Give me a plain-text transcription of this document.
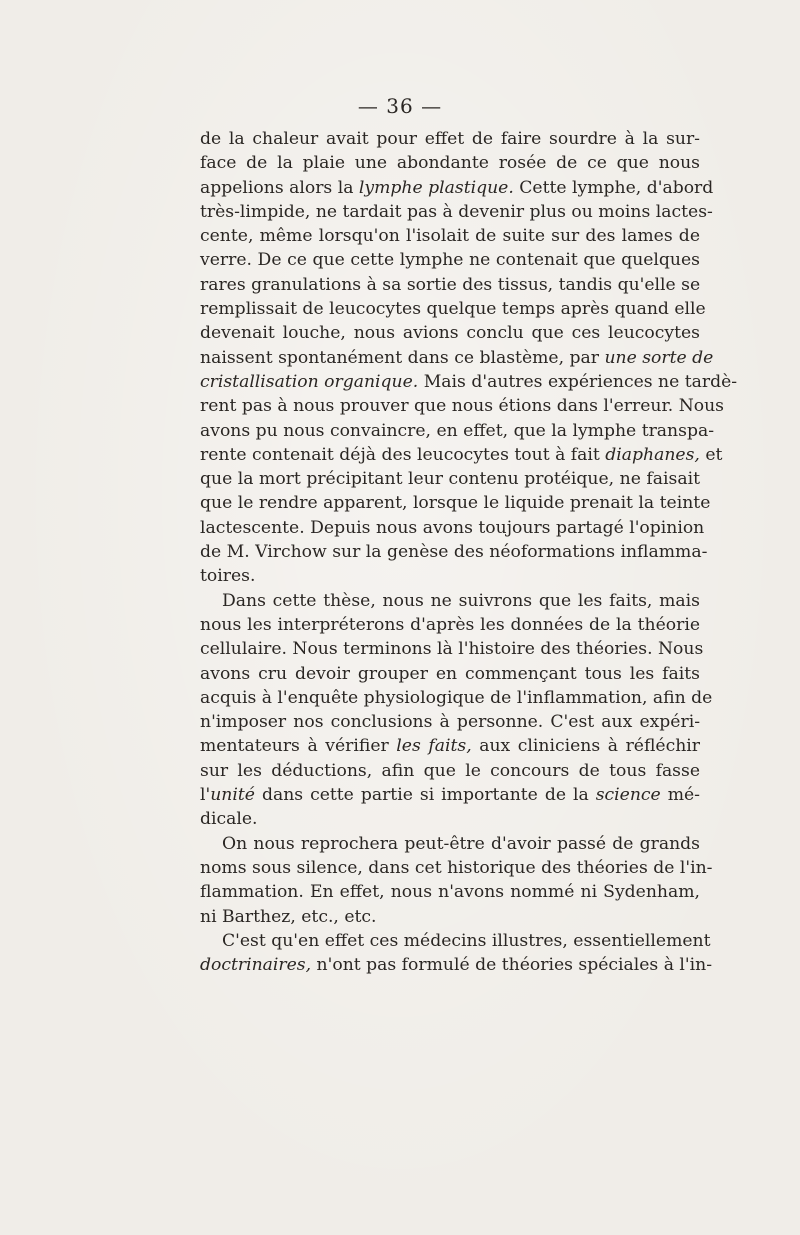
— 36 —
de la chaleur avait pour effet de faire sourdre à la sur-
face de la plaie une abondante rosée de ce que nous
appelions alors la lymphe plastique. Cette lymphe, d'abord
très-limpide, ne tardait pas à devenir plus ou moins lactes-
cente, même lorsqu'on l'isolait de suite sur des lames de
verre. De ce que cette lymphe ne contenait que quelques
rares granulations à sa sortie des tissus, tandis qu'elle se
remplissait de leucocytes quelque temps après quand elle
devenait louche, nous avions conclu que ces leucocytes
naissent spontanément dans ce blastème, par une sorte de
cristallisation organique. Mais d'autres expériences ne tardè-
rent pas à nous prouver que nous étions dans l'erreur. Nous
avons pu nous convaincre, en effet, que la lymphe transpa-
rente contenait déjà des leucocytes tout à fait diaphanes, et
que la mort précipitant leur contenu protéique, ne faisait
que le rendre apparent, lorsque le liquide prenait la teinte
lactescente. Depuis nous avons toujours partagé l'opinion
de M. Virchow sur la genèse des néoformations inflamma-
toires.
Dans cette thèse, nous ne suivrons que les faits, mais
nous les interpréterons d'après les données de la théorie
cellulaire. Nous terminons là l'histoire des théories. Nous
avons cru devoir grouper en commençant tous les faits
acquis à l'enquête physiologique de l'inflammation, afin de
n'imposer nos conclusions à personne. C'est aux expéri-
mentateurs à vérifier les faits, aux cliniciens à réfléchir
sur les déductions, afin que le concours de tous fasse
l'unité dans cette partie si importante de la science mé-
dicale.
On nous reprochera peut-être d'avoir passé de grands
noms sous silence, dans cet historique des théories de l'in-
flammation. En effet, nous n'avons nommé ni Sydenham,
ni Barthez, etc., etc.
C'est qu'en effet ces médecins illustres, essentiellement
doctrinaires, n'ont pas formulé de théories spéciales à l'in-
